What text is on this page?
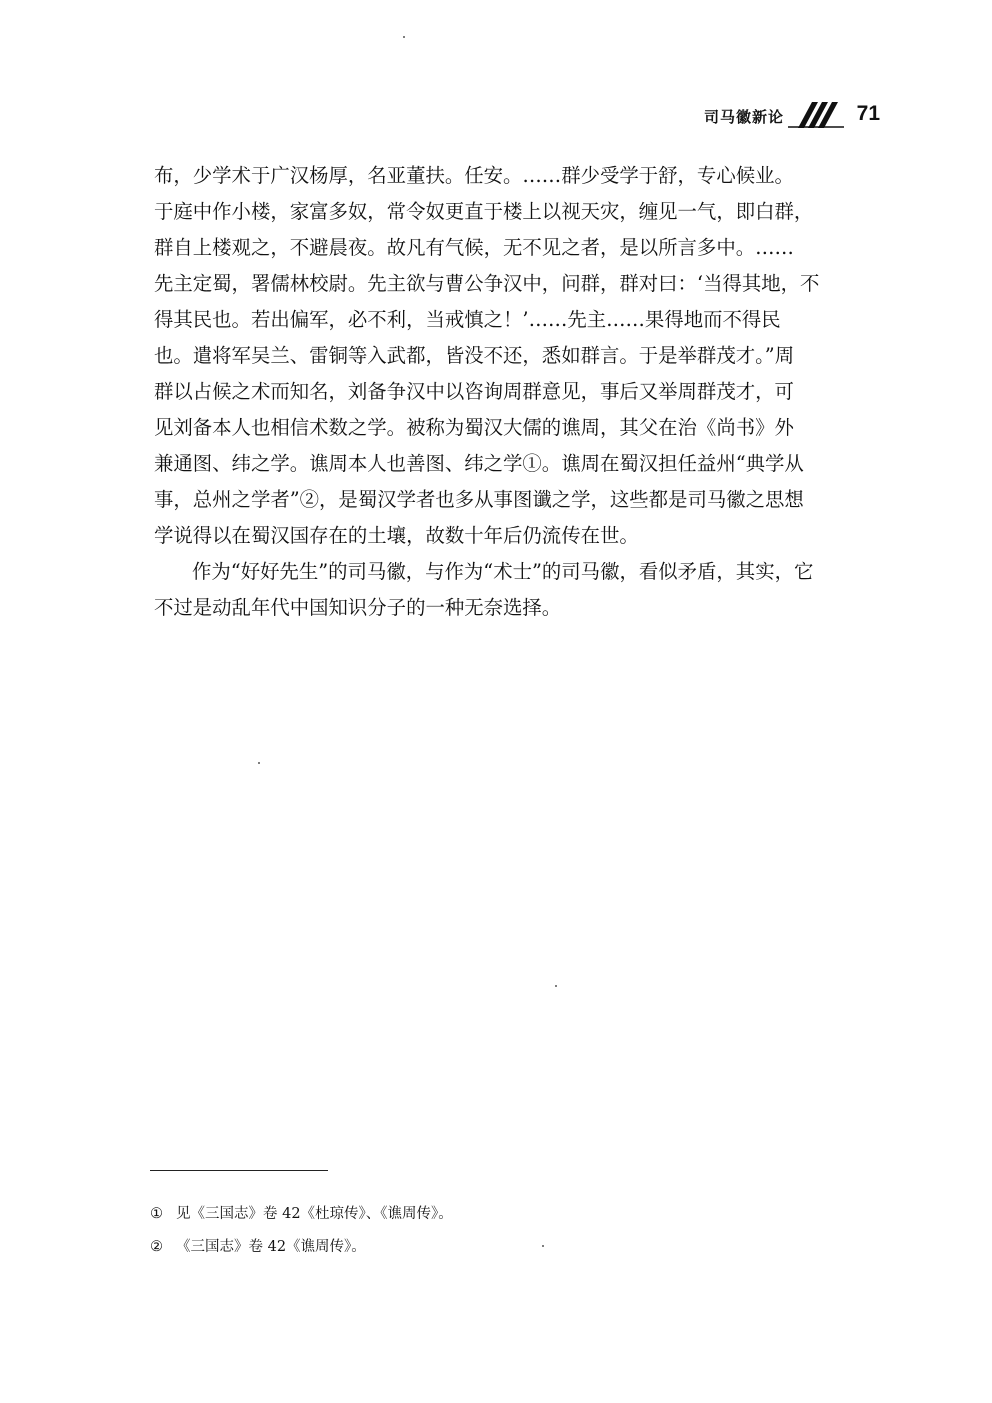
司马徽新论	71
布，少学术于广汉杨厚，名亚董扶。任安。……群少受学于舒，专心候业。
于庭中作小楼，家富多奴，常令奴更直于楼上以视天灾，缠见一气，即白群，
群自上楼观之，不避晨夜。故凡有气候，无不见之者，是以所言多中。……
先主定蜀，署儒林校尉。先主欲与曹公争汉中，问群，群对曰：‘当得其地，不
得其民也。若出偏军，必不利，当戒慎之！’……先主……果得地而不得民
也。遣将军吴兰、雷铜等入武都，皆没不还，悉如群言。于是举群茂才。”周
群以占候之术而知名，刘备争汉中以咨询周群意见，事后又举周群茂才，可
见刘备本人也相信术数之学。被称为蜀汉大儒的谯周，其父在治《尚书》外
兼通图、纬之学。谯周本人也善图、纬之学①。谯周在蜀汉担任益州“典学从
事，总州之学者”②，是蜀汉学者也多从事图谶之学，这些都是司马徽之思想
学说得以在蜀汉国存在的土壤，故数十年后仍流传在世。
作为“好好先生”的司马徽，与作为“术士”的司马徽，看似矛盾，其实，它
不过是动乱年代中国知识分子的一种无奈选择。
① 见《三国志》卷 42《杜琼传》、《谯周传》。
② 《三国志》卷 42《谯周传》。
